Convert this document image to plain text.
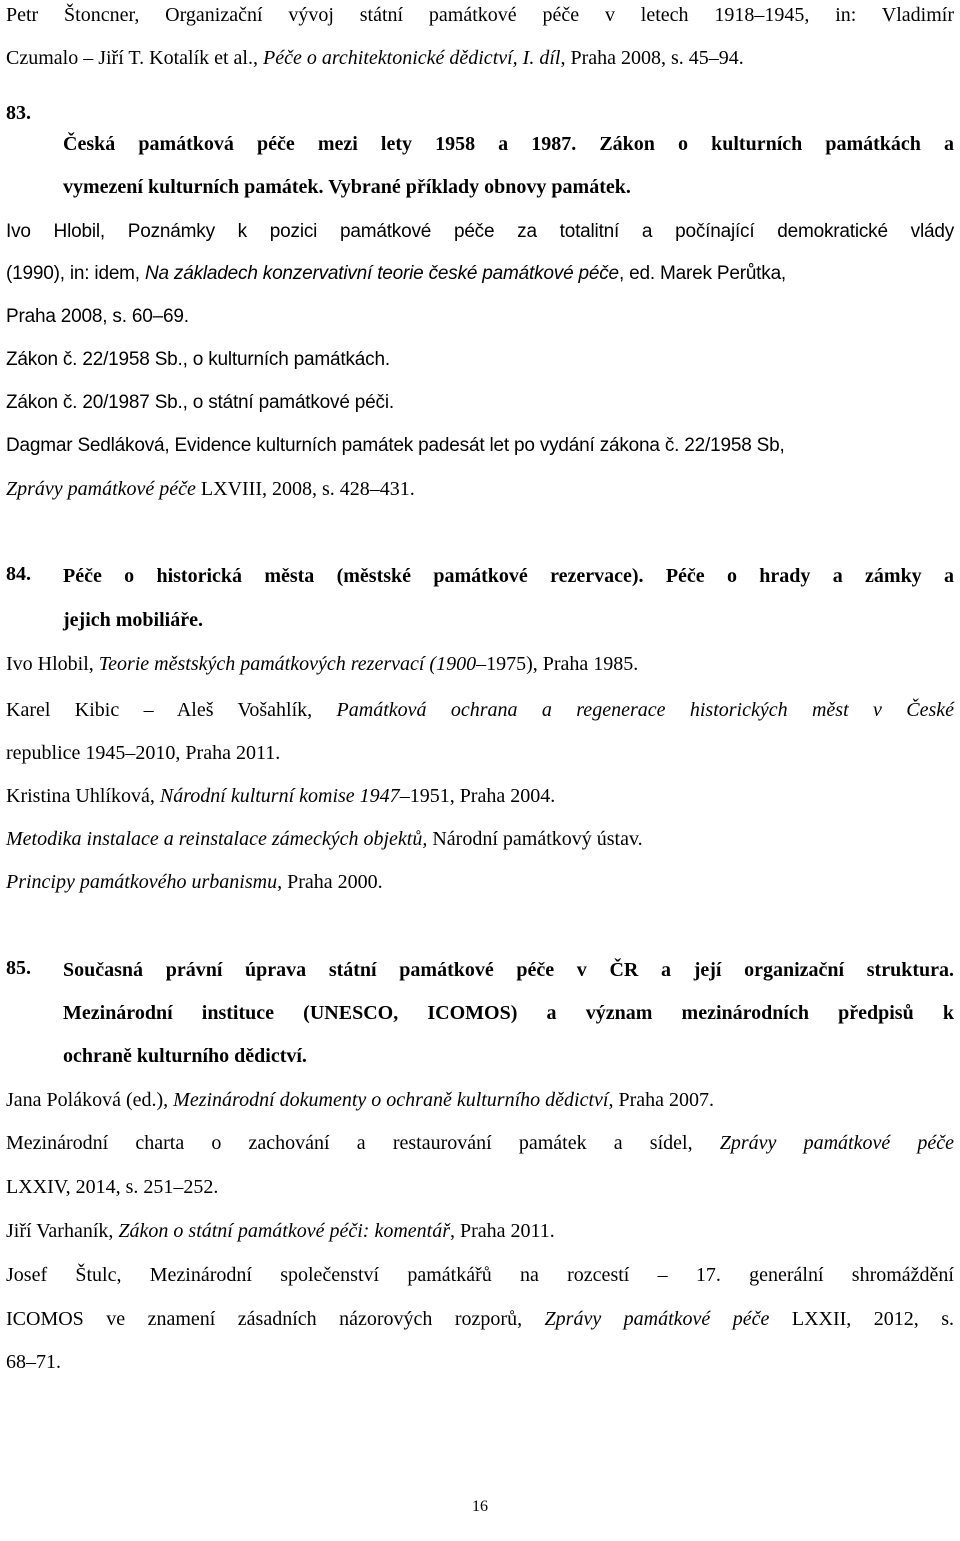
Petr Štoncner, Organizační vývoj státní památkové péče v letech 1918–1945, in: Vladimír
Czumalo – Jiří T. Kotalík et al., Péče o architektonické dědictví, I. díl, Praha 2008, s. 45–94.
83.
Česká památková péče mezi lety 1958 a 1987. Zákon o kulturních památkách a
vymezení kulturních památek. Vybrané příklady obnovy památek.
Ivo Hlobil, Poznámky k pozici památkové péče za totalitní a počínající demokratické vlády
(1990), in: idem, Na základech konzervativní teorie české památkové péče, ed. Marek Perůtka,
Praha 2008, s. 60–69.
Zákon č. 22/1958 Sb., o kulturních památkách.
Zákon č. 20/1987 Sb., o státní památkové péči.
Dagmar Sedláková, Evidence kulturních památek padesát let po vydání zákona č. 22/1958 Sb,
Zprávy památkové péče LXVIII, 2008, s. 428–431.
84. Péče o historická města (městské památkové rezervace). Péče o hrady a zámky a
jejich mobiliáře.
Ivo Hlobil, Teorie městských památkových rezervací (1900–1975), Praha 1985.
Karel Kibic – Aleš Vošahlík, Památková ochrana a regenerace historických měst v České
republice 1945–2010, Praha 2011.
Kristina Uhlíková, Národní kulturní komise 1947–1951, Praha 2004.
Metodika instalace a reinstalace zámeckých objektů, Národní památkový ústav.
Principy památkového urbanismu, Praha 2000.
85. Současná právní úprava státní památkové péče v ČR a její organizační struktura.
Mezinárodní instituce (UNESCO, ICOMOS) a význam mezinárodních předpisů k
ochraně kulturního dědictví.
Jana Poláková (ed.), Mezinárodní dokumenty o ochraně kulturního dědictví, Praha 2007.
Mezinárodní charta o zachování a restaurování památek a sídel, Zprávy památkové péče
LXXIV, 2014, s. 251–252.
Jiří Varhaník, Zákon o státní památkové péči: komentář, Praha 2011.
Josef Štulc, Mezinárodní společenství památkářů na rozcestí – 17. generální shromáždění
ICOMOS ve znamení zásadních názorových rozporů, Zprávy památkové péče LXXII, 2012, s.
68–71.
16
